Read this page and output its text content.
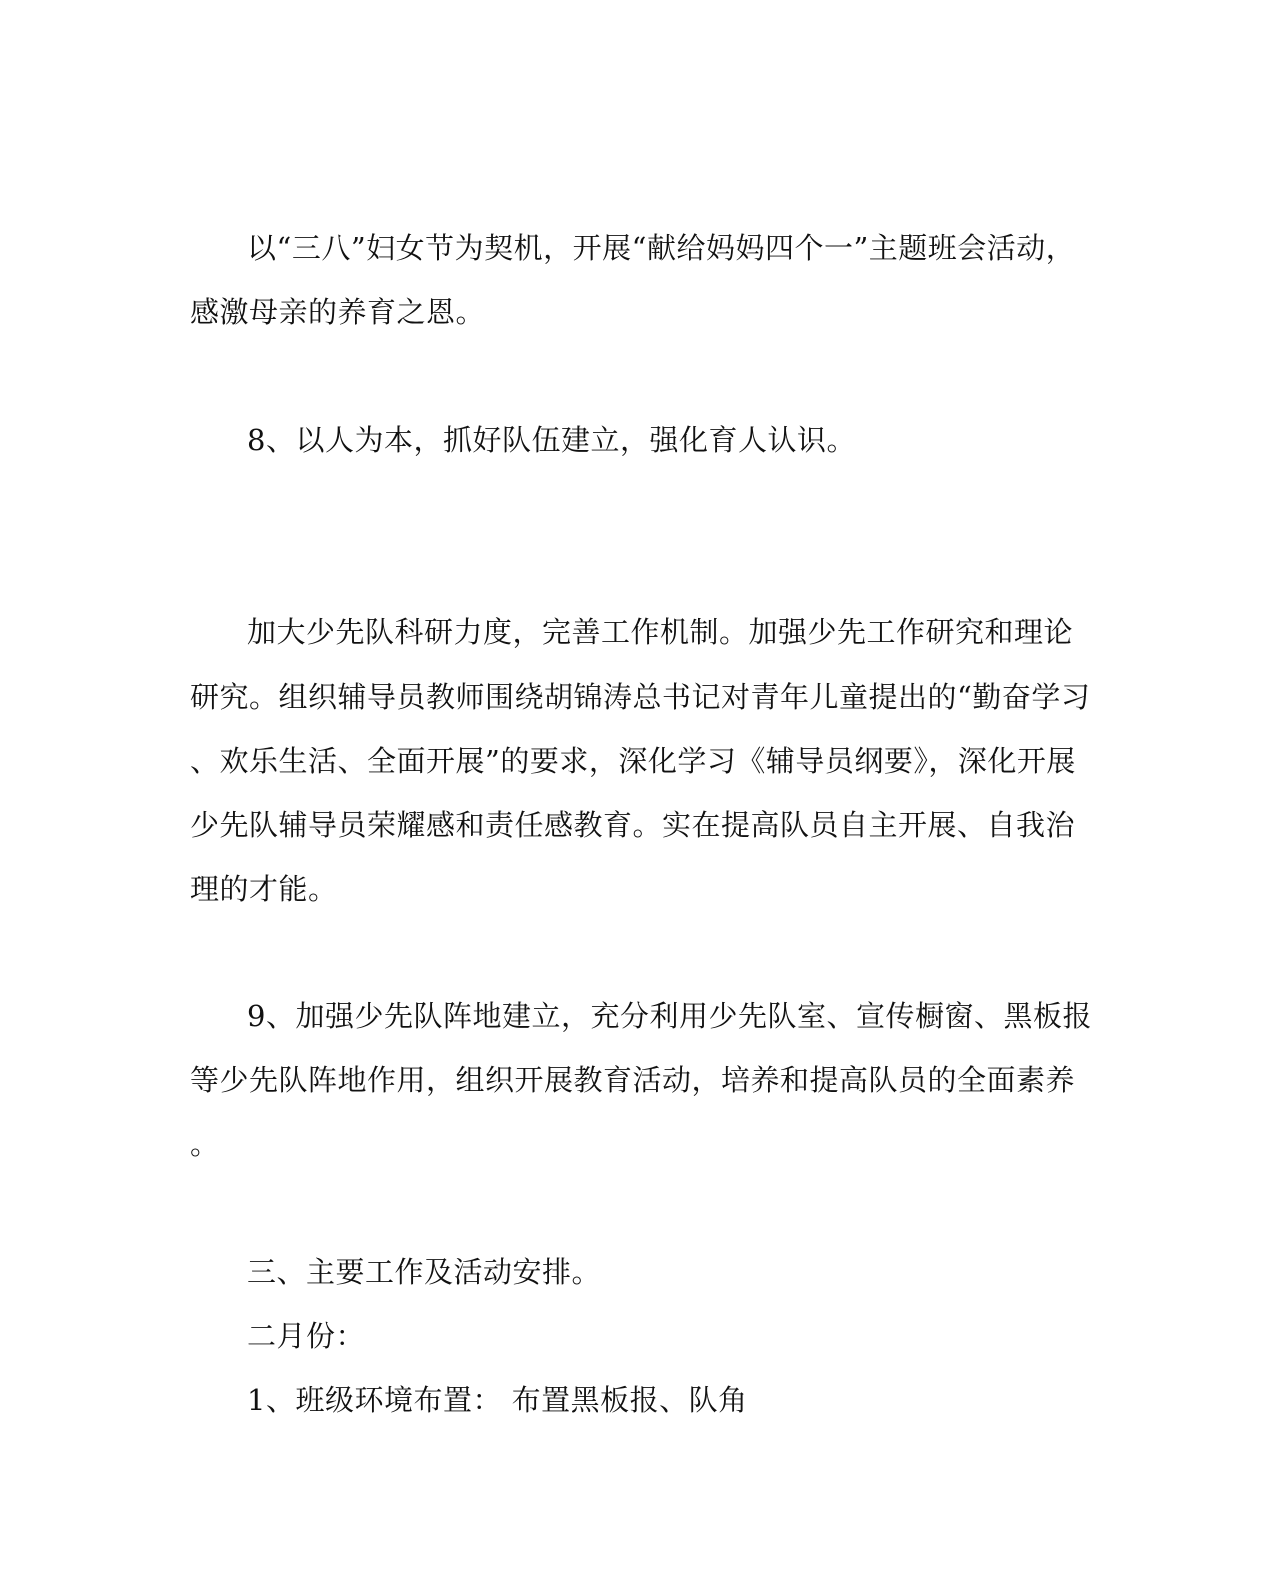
以“三八”妇女节为契机，开展“献给妈妈四个一”主题班会活动，
感激母亲的养育之恩。
8、以人为本，抓好队伍建立，强化育人认识。
加大少先队科研力度，完善工作机制。加强少先工作研究和理论
研究。组织辅导员教师围绕胡锦涛总书记对青年儿童提出的“勤奋学习
、欢乐生活、全面开展”的要求，深化学习《辅导员纲要》，深化开展
少先队辅导员荣耀感和责任感教育。实在提高队员自主开展、自我治
理的才能。
9、加强少先队阵地建立，充分利用少先队室、宣传橱窗、黑板报
等少先队阵地作用，组织开展教育活动，培养和提高队员的全面素养
。
三、主要工作及活动安排。
二月份：
1、班级环境布置： 布置黑板报、队角
